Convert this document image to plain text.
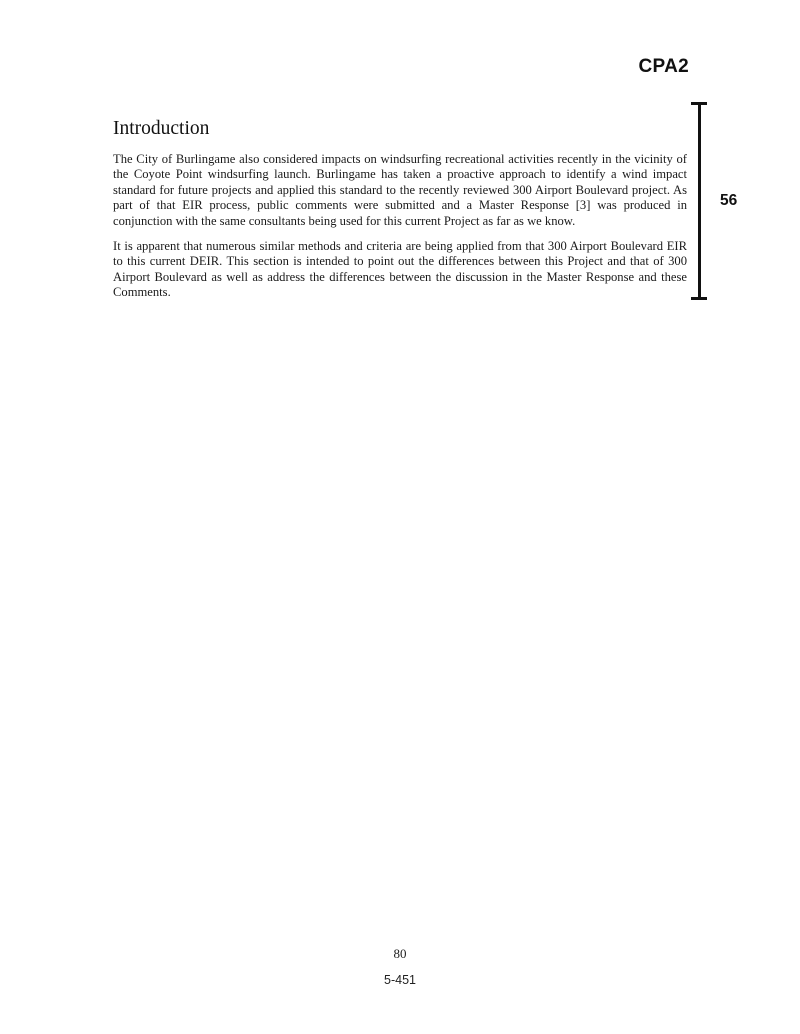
CPA2
Introduction

The City of Burlingame also considered impacts on windsurfing recreational activities recently in the vicinity of the Coyote Point windsurfing launch. Burlingame has taken a proactive approach to identify a wind impact standard for future projects and applied this standard to the recently reviewed 300 Airport Boulevard project. As part of that EIR process, public comments were submitted and a Master Response [3] was produced in conjunction with the same consultants being used for this current Project as far as we know.

It is apparent that numerous similar methods and criteria are being applied from that 300 Airport Boulevard EIR to this current DEIR. This section is intended to point out the differences between this Project and that of 300 Airport Boulevard as well as address the differences between the discussion in the Master Response and these Comments.

56
80
5-451
